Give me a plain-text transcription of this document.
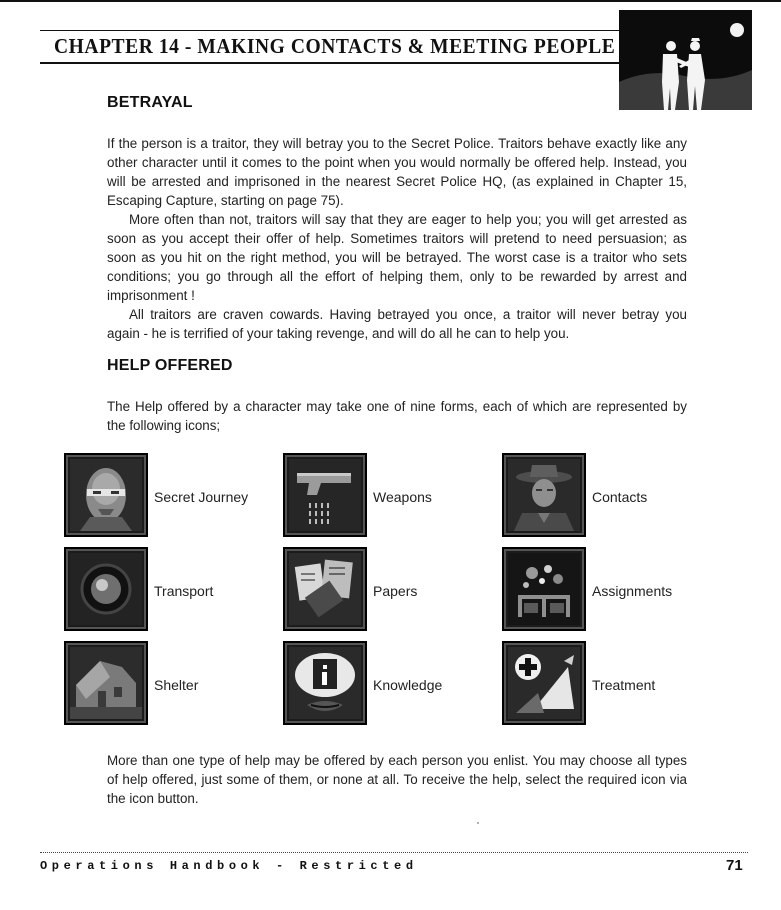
CHAPTER 14 - MAKING CONTACTS & MEETING PEOPLE
BETRAYAL

If the person is a traitor, they will betray you to the Secret Police. Traitors behave exactly like any other character until it comes to the point when you would normally be offered help. Instead, you will be arrested and imprisoned in the nearest Secret Police HQ, (as explained in Chapter 15, Escaping Capture, starting on page 75).

More often than not, traitors will say that they are eager to help you; you will get arrested as soon as you accept their offer of help. Sometimes traitors will pretend to need persuasion; as soon as you hit on the right method, you will be betrayed. The worst case is a traitor who sets conditions; you go through all the effort of helping them, only to be rewarded by arrest and imprisonment !

All traitors are craven cowards. Having betrayed you once, a traitor will never betray you again - he is terrified of your taking revenge, and will do all he can to help you.

HELP OFFERED
The Help offered by a character may take one of nine forms, each of which are represented by the following icons;
Secret Journey	Weapons	Contacts
Transport	Papers	Assignments
Shelter	Knowledge	Treatment
More than one type of help may be offered by each person you enlist. You may choose all types of help offered, just some of them, or none at all. To receive the help, select the required icon via the icon button.
Operations Handbook - Restricted	71
